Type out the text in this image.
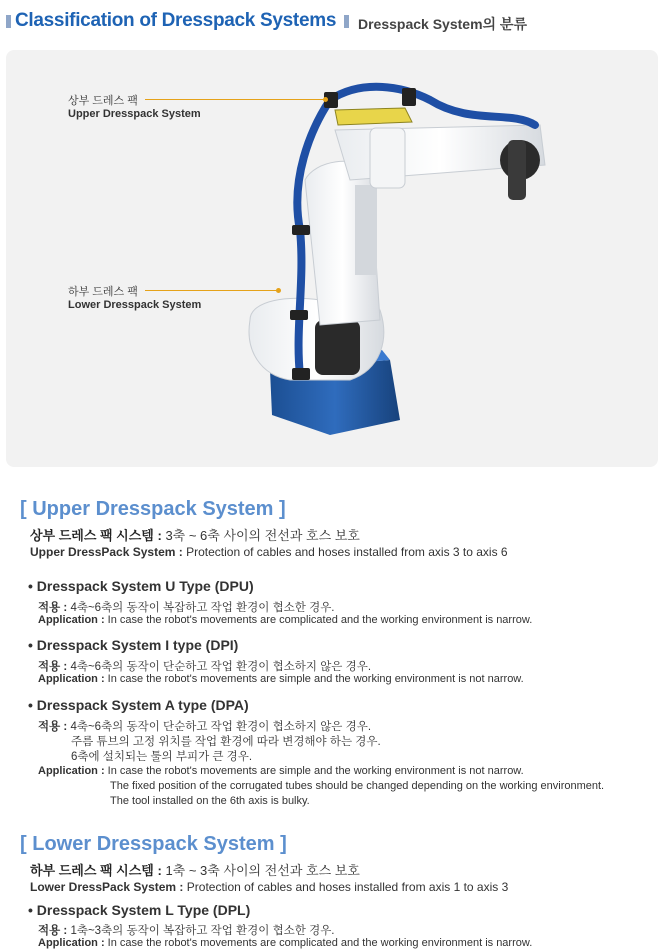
Classification of Dresspack Systems Dresspack System의 분류
상부 드레스 팩
Upper Dresspack System
하부 드레스 팩
Lower Dresspack System
[ Upper Dresspack System ]
상부 드레스 팩 시스템 : 3축 ~ 6축 사이의 전선과 호스 보호
Upper DressPack System : Protection of cables and hoses installed from axis 3 to axis 6
• Dresspack System U Type (DPU)
적용 : 4축~6축의 동작이 복잡하고 작업 환경이 협소한 경우.
Application : In case the robot's movements are complicated and the working environment is narrow.
• Dresspack System I type (DPI)
적용 : 4축~6축의 동작이 단순하고 작업 환경이 협소하지 않은 경우.
Application : In case the robot's movements are simple and the working environment is not narrow.
• Dresspack System A type (DPA)
적용 : 4축~6축의 동작이 단순하고 작업 환경이 협소하지 않은 경우.
주름 튜브의 고정 위치를 작업 환경에 따라 변경해야 하는 경우.
6축에 설치되는 툴의 부피가 큰 경우.
Application : In case the robot's movements are simple and the working environment is not narrow.
The fixed position of the corrugated tubes should be changed depending on the working environment.
The tool installed on the 6th axis is bulky.
[ Lower Dresspack System ]
하부 드레스 팩 시스템 : 1축 ~ 3축 사이의 전선과 호스 보호
Lower DressPack System : Protection of cables and hoses installed from axis 1 to axis 3
• Dresspack System L Type (DPL)
적용 : 1축~3축의 동작이 복잡하고 작업 환경이 협소한 경우.
Application : In case the robot's movements are complicated and the working environment is narrow.
